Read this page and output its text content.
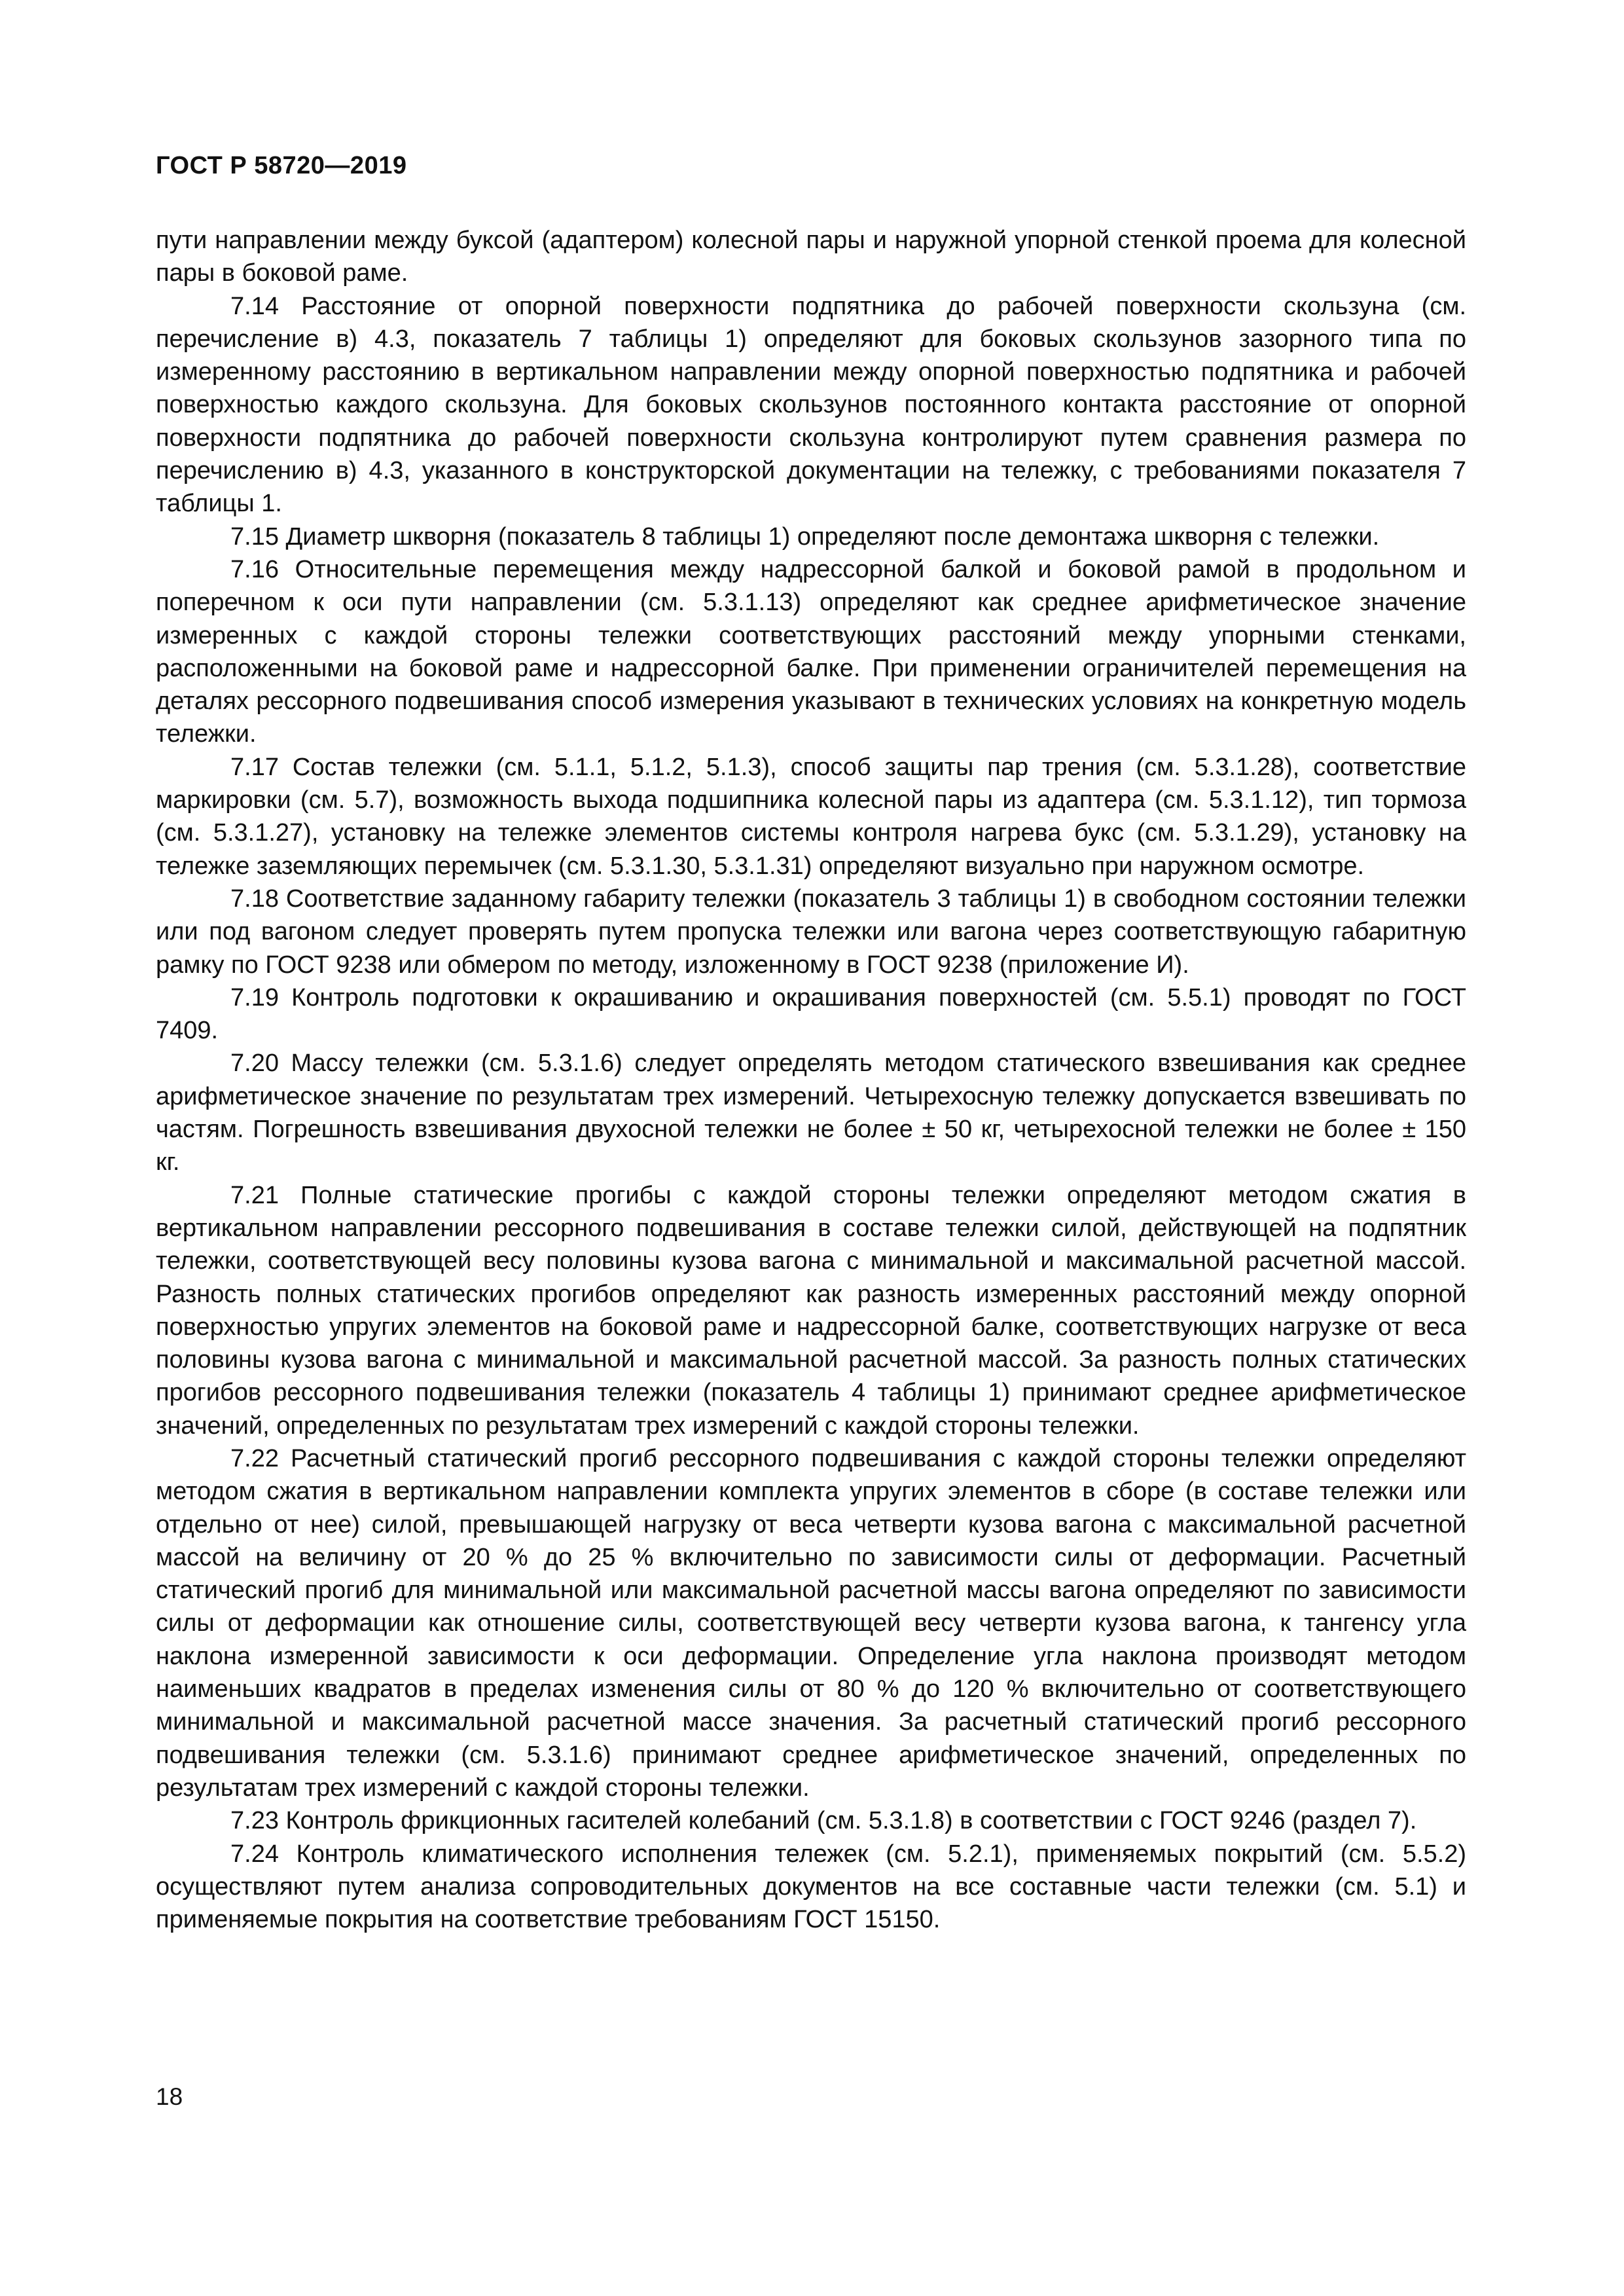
ГОСТ Р 58720—2019

пути направлении между буксой (адаптером) колесной пары и наружной упорной стенкой проема для колесной пары в боковой раме.

7.14 Расстояние от опорной поверхности подпятника до рабочей поверхности скользуна (см. перечисление в) 4.3, показатель 7 таблицы 1) определяют для боковых скользунов зазорного типа по измеренному расстоянию в вертикальном направлении между опорной поверхностью подпятника и рабочей поверхностью каждого скользуна. Для боковых скользунов постоянного контакта расстояние от опорной поверхности подпятника до рабочей поверхности скользуна контролируют путем сравнения размера по перечислению в) 4.3, указанного в конструкторской документации на тележку, с требованиями показателя 7 таблицы 1.

7.15 Диаметр шкворня (показатель 8 таблицы 1) определяют после демонтажа шкворня с тележки.

7.16 Относительные перемещения между надрессорной балкой и боковой рамой в продольном и поперечном к оси пути направлении (см. 5.3.1.13) определяют как среднее арифметическое значение измеренных с каждой стороны тележки соответствующих расстояний между упорными стенками, расположенными на боковой раме и надрессорной балке. При применении ограничителей перемещения на деталях рессорного подвешивания способ измерения указывают в технических условиях на конкретную модель тележки.

7.17 Состав тележки (см. 5.1.1, 5.1.2, 5.1.3), способ защиты пар трения (см. 5.3.1.28), соответствие маркировки (см. 5.7), возможность выхода подшипника колесной пары из адаптера (см. 5.3.1.12), тип тормоза (см. 5.3.1.27), установку на тележке элементов системы контроля нагрева букс (см. 5.3.1.29), установку на тележке заземляющих перемычек (см. 5.3.1.30, 5.3.1.31) определяют визуально при наружном осмотре.

7.18 Соответствие заданному габариту тележки (показатель 3 таблицы 1) в свободном состоянии тележки или под вагоном следует проверять путем пропуска тележки или вагона через соответствующую габаритную рамку по ГОСТ 9238 или обмером по методу, изложенному в ГОСТ 9238 (приложение И).

7.19 Контроль подготовки к окрашиванию и окрашивания поверхностей (см. 5.5.1) проводят по ГОСТ 7409.

7.20 Массу тележки (см. 5.3.1.6) следует определять методом статического взвешивания как среднее арифметическое значение по результатам трех измерений. Четырехосную тележку допускается взвешивать по частям. Погрешность взвешивания двухосной тележки не более ± 50 кг, четырехосной тележки не более ± 150 кг.

7.21 Полные статические прогибы с каждой стороны тележки определяют методом сжатия в вертикальном направлении рессорного подвешивания в составе тележки силой, действующей на подпятник тележки, соответствующей весу половины кузова вагона с минимальной и максимальной расчетной массой. Разность полных статических прогибов определяют как разность измеренных расстояний между опорной поверхностью упругих элементов на боковой раме и надрессорной балке, соответствующих нагрузке от веса половины кузова вагона с минимальной и максимальной расчетной массой. За разность полных статических прогибов рессорного подвешивания тележки (показатель 4 таблицы 1) принимают среднее арифметическое значений, определенных по результатам трех измерений с каждой стороны тележки.

7.22 Расчетный статический прогиб рессорного подвешивания с каждой стороны тележки определяют методом сжатия в вертикальном направлении комплекта упругих элементов в сборе (в составе тележки или отдельно от нее) силой, превышающей нагрузку от веса четверти кузова вагона с максимальной расчетной массой на величину от 20 % до 25 % включительно по зависимости силы от деформации. Расчетный статический прогиб для минимальной или максимальной расчетной массы вагона определяют по зависимости силы от деформации как отношение силы, соответствующей весу четверти кузова вагона, к тангенсу угла наклона измеренной зависимости к оси деформации. Определение угла наклона производят методом наименьших квадратов в пределах изменения силы от 80 % до 120 % включительно от соответствующего минимальной и максимальной расчетной массе значения. За расчетный статический прогиб рессорного подвешивания тележки (см. 5.3.1.6) принимают среднее арифметическое значений, определенных по результатам трех измерений с каждой стороны тележки.

7.23 Контроль фрикционных гасителей колебаний (см. 5.3.1.8) в соответствии с ГОСТ 9246 (раздел 7).

7.24 Контроль климатического исполнения тележек (см. 5.2.1), применяемых покрытий (см. 5.5.2) осуществляют путем анализа сопроводительных документов на все составные части тележки (см. 5.1) и применяемые покрытия на соответствие требованиям ГОСТ 15150.

18
